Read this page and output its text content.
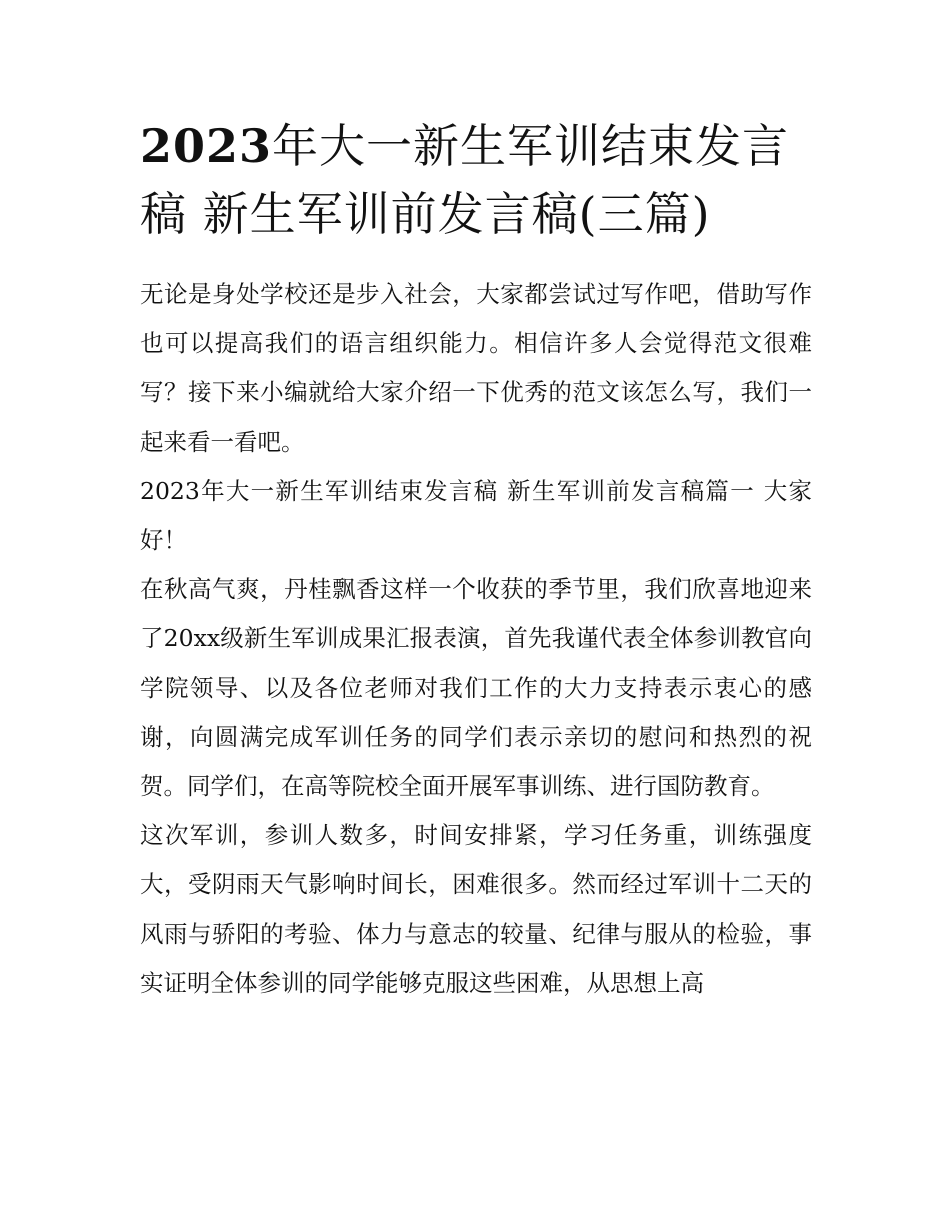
2023年大一新生军训结束发言稿 新生军训前发言稿(三篇)

无论是身处学校还是步入社会，大家都尝试过写作吧，借助写作也可以提高我们的语言组织能力。相信许多人会觉得范文很难写？接下来小编就给大家介绍一下优秀的范文该怎么写，我们一起来看一看吧。

2023年大一新生军训结束发言稿 新生军训前发言稿篇一 大家好！

在秋高气爽，丹桂飘香这样一个收获的季节里，我们欣喜地迎来了20xx级新生军训成果汇报表演，首先我谨代表全体参训教官向学院领导、以及各位老师对我们工作的大力支持表示衷心的感谢，向圆满完成军训任务的同学们表示亲切的慰问和热烈的祝贺。同学们，在高等院校全面开展军事训练、进行国防教育。

这次军训，参训人数多，时间安排紧，学习任务重，训练强度大，受阴雨天气影响时间长，困难很多。然而经过军训十二天的风雨与骄阳的考验、体力与意志的较量、纪律与服从的检验，事实证明全体参训的同学能够克服这些困难，从思想上高
